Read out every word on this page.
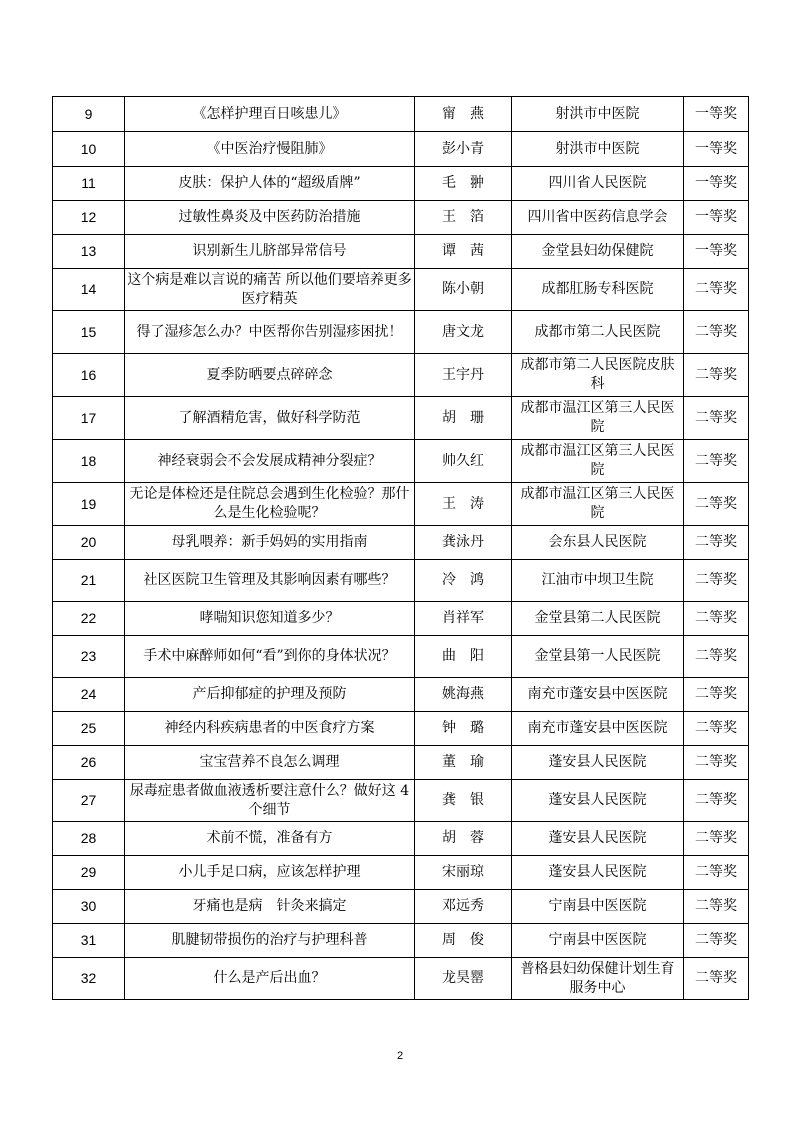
9	《怎样护理百日咳患儿》	甯　燕	射洪市中医院	一等奖
10	《中医治疗慢阻肺》	彭小青	射洪市中医院	一等奖
11	皮肤：保护人体的“超级盾牌”	毛　翀	四川省人民医院	一等奖
12	过敏性鼻炎及中医药防治措施	王　箔	四川省中医药信息学会	一等奖
13	识别新生儿脐部异常信号	谭　茜	金堂县妇幼保健院	一等奖
14	这个病是难以言说的痛苦 所以他们要培养更多医疗精英	陈小朝	成都肛肠专科医院	二等奖
15	得了湿疹怎么办？中医帮你告别湿疹困扰！	唐文龙	成都市第二人民医院	二等奖
16	夏季防晒要点碎碎念	王宇丹	成都市第二人民医院皮肤科	二等奖
17	了解酒精危害，做好科学防范	胡　珊	成都市温江区第三人民医院	二等奖
18	神经衰弱会不会发展成精神分裂症？	帅久红	成都市温江区第三人民医院	二等奖
19	无论是体检还是住院总会遇到生化检验？那什么是生化检验呢？	王　涛	成都市温江区第三人民医院	二等奖
20	母乳喂养：新手妈妈的实用指南	龚泳丹	会东县人民医院	二等奖
21	社区医院卫生管理及其影响因素有哪些？	冷　鸿	江油市中坝卫生院	二等奖
22	哮喘知识您知道多少？	肖祥军	金堂县第二人民医院	二等奖
23	手术中麻醉师如何“看”到你的身体状况？	曲　阳	金堂县第一人民医院	二等奖
24	产后抑郁症的护理及预防	姚海燕	南充市蓬安县中医医院	二等奖
25	神经内科疾病患者的中医食疗方案	钟　璐	南充市蓬安县中医医院	二等奖
26	宝宝营养不良怎么调理	董　瑜	蓬安县人民医院	二等奖
27	尿毒症患者做血液透析要注意什么？做好这 4 个细节	龚　银	蓬安县人民医院	二等奖
28	术前不慌，准备有方	胡　蓉	蓬安县人民医院	二等奖
29	小儿手足口病，应该怎样护理	宋丽琼	蓬安县人民医院	二等奖
30	牙痛也是病　针灸来搞定	邓远秀	宁南县中医医院	二等奖
31	肌腱韧带损伤的治疗与护理科普	周　俊	宁南县中医医院	二等奖
32	什么是产后出血？	龙昊罂	普格县妇幼保健计划生育服务中心	二等奖
2
